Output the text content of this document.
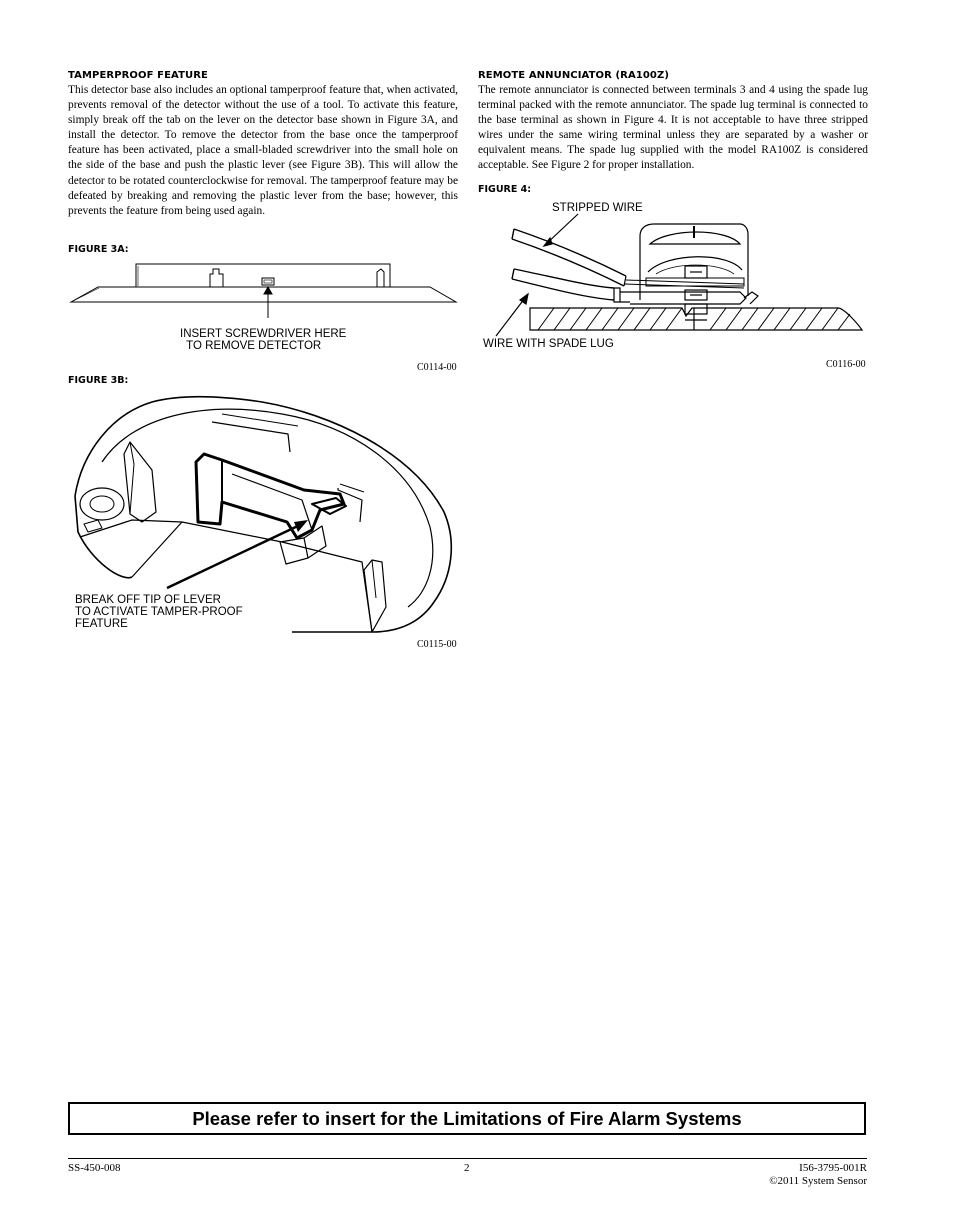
TAMPERPROOF FEATURE

This detector base also includes an optional tamperproof feature that, when activated, prevents removal of the detector without the use of a tool. To activate this feature, simply break off the tab on the lever on the detector base shown in Figure 3A, and install the detector. To remove the detector from the base once the tamperproof feature has been activated, place a small-bladed screwdriver into the small hole on the side of the base and push the plastic lever (see Figure 3B). This will allow the detector to be rotated counterclockwise for removal. The tamperproof feature may be defeated by breaking and removing the plastic lever from the base; however, this prevents the feature from being used again.

FIGURE 3A:
INSERT SCREWDRIVER HERE
TO REMOVE DETECTOR
C0114-00
FIGURE 3B:
BREAK OFF TIP OF LEVER
TO ACTIVATE TAMPER-PROOF
FEATURE
C0115-00
REMOTE ANNUNCIATOR (RA100Z)

The remote annunciator is connected between terminals 3 and 4 using the spade lug terminal packed with the remote annunciator. The spade lug terminal is connected to the base terminal as shown in Figure 4. It is not acceptable to have three stripped wires under the same wiring terminal unless they are separated by a washer or equivalent means. The spade lug supplied with the model RA100Z is considered acceptable. See Figure 2 for proper installation.

FIGURE 4:
STRIPPED WIRE
WIRE WITH SPADE LUG
C0116-00
Please refer to insert for the Limitations of Fire Alarm Systems
SS-450-008	2	I56-3795-001R
©2011 System Sensor
